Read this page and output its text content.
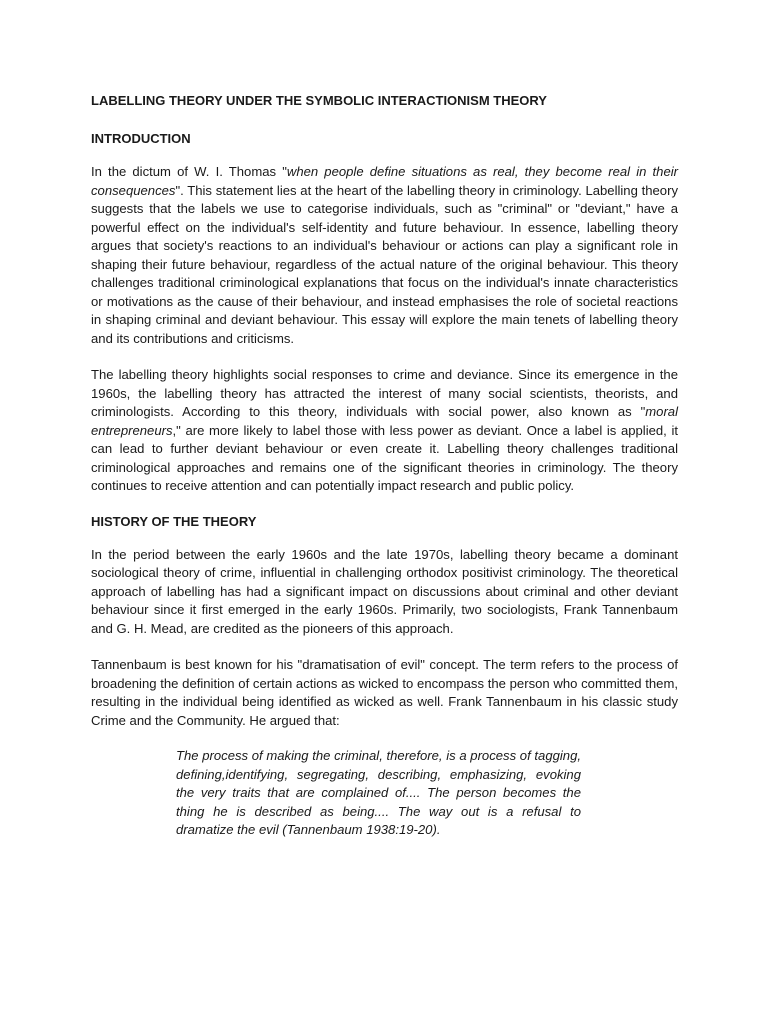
LABELLING THEORY UNDER THE SYMBOLIC INTERACTIONISM THEORY
INTRODUCTION

In the dictum of W. I. Thomas "when people define situations as real, they become real in their consequences". This statement lies at the heart of the labelling theory in criminology. Labelling theory suggests that the labels we use to categorise individuals, such as "criminal" or "deviant," have a powerful effect on the individual's self-identity and future behaviour. In essence, labelling theory argues that society's reactions to an individual's behaviour or actions can play a significant role in shaping their future behaviour, regardless of the actual nature of the original behaviour. This theory challenges traditional criminological explanations that focus on the individual's innate characteristics or motivations as the cause of their behaviour, and instead emphasises the role of societal reactions in shaping criminal and deviant behaviour. This essay will explore the main tenets of labelling theory and its contributions and criticisms.

The labelling theory highlights social responses to crime and deviance. Since its emergence in the 1960s, the labelling theory has attracted the interest of many social scientists, theorists, and criminologists. According to this theory, individuals with social power, also known as "moral entrepreneurs," are more likely to label those with less power as deviant. Once a label is applied, it can lead to further deviant behaviour or even create it. Labelling theory challenges traditional criminological approaches and remains one of the significant theories in criminology. The theory continues to receive attention and can potentially impact research and public policy.

HISTORY OF THE THEORY

In the period between the early 1960s and the late 1970s, labelling theory became a dominant sociological theory of crime, influential in challenging orthodox positivist criminology. The theoretical approach of labelling has had a significant impact on discussions about criminal and other deviant behaviour since it first emerged in the early 1960s. Primarily, two sociologists, Frank Tannenbaum and G. H. Mead, are credited as the pioneers of this approach.

Tannenbaum is best known for his "dramatisation of evil" concept. The term refers to the process of broadening the definition of certain actions as wicked to encompass the person who committed them, resulting in the individual being identified as wicked as well. Frank Tannenbaum in his classic study Crime and the Community. He argued that:

The process of making the criminal, therefore, is a process of tagging, defining,identifying, segregating, describing, emphasizing, evoking the very traits that are complained of.... The person becomes the thing he is described as being.... The way out is a refusal to dramatize the evil (Tannenbaum 1938:19-20).
